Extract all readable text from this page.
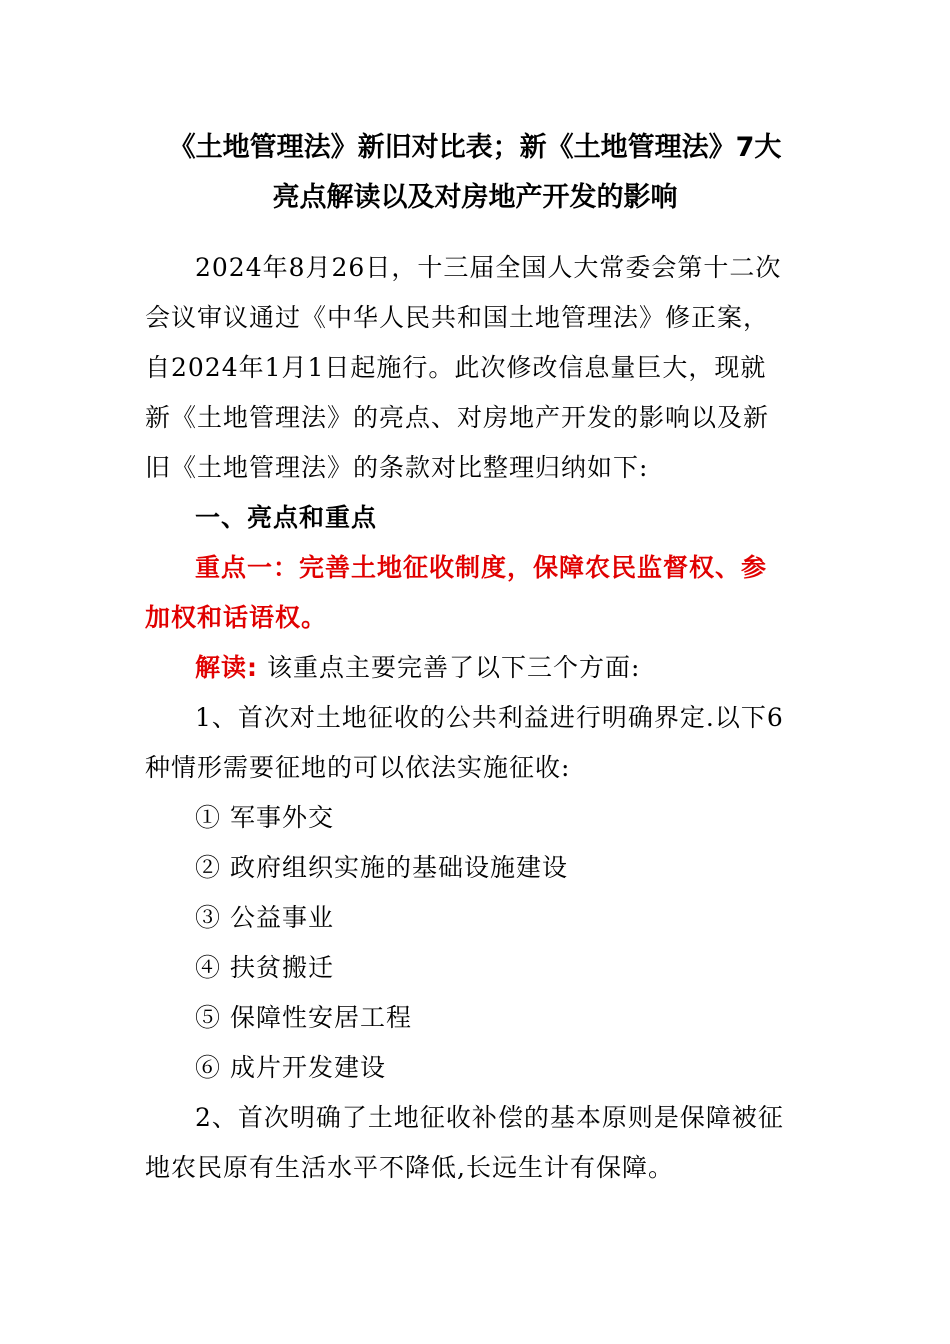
《土地管理法》新旧对比表；新《土地管理法》7大
亮点解读以及对房地产开发的影响
2024年8月26日，十三届全国人大常委会第十二次
会议审议通过《中华人民共和国土地管理法》修正案，
自2024年1月1日起施行。此次修改信息量巨大，现就
新《土地管理法》的亮点、对房地产开发的影响以及新
旧《土地管理法》的条款对比整理归纳如下:
一、亮点和重点
重点一：完善土地征收制度，保障农民监督权、参
加权和话语权。
解读: 该重点主要完善了以下三个方面:
1、首次对土地征收的公共利益进行明确界定.以下6
种情形需要征地的可以依法实施征收:
① 军事外交
② 政府组织实施的基础设施建设
③ 公益事业
④ 扶贫搬迁
⑤ 保障性安居工程
⑥ 成片开发建设
2、首次明确了土地征收补偿的基本原则是保障被征
地农民原有生活水平不降低,长远生计有保障。
